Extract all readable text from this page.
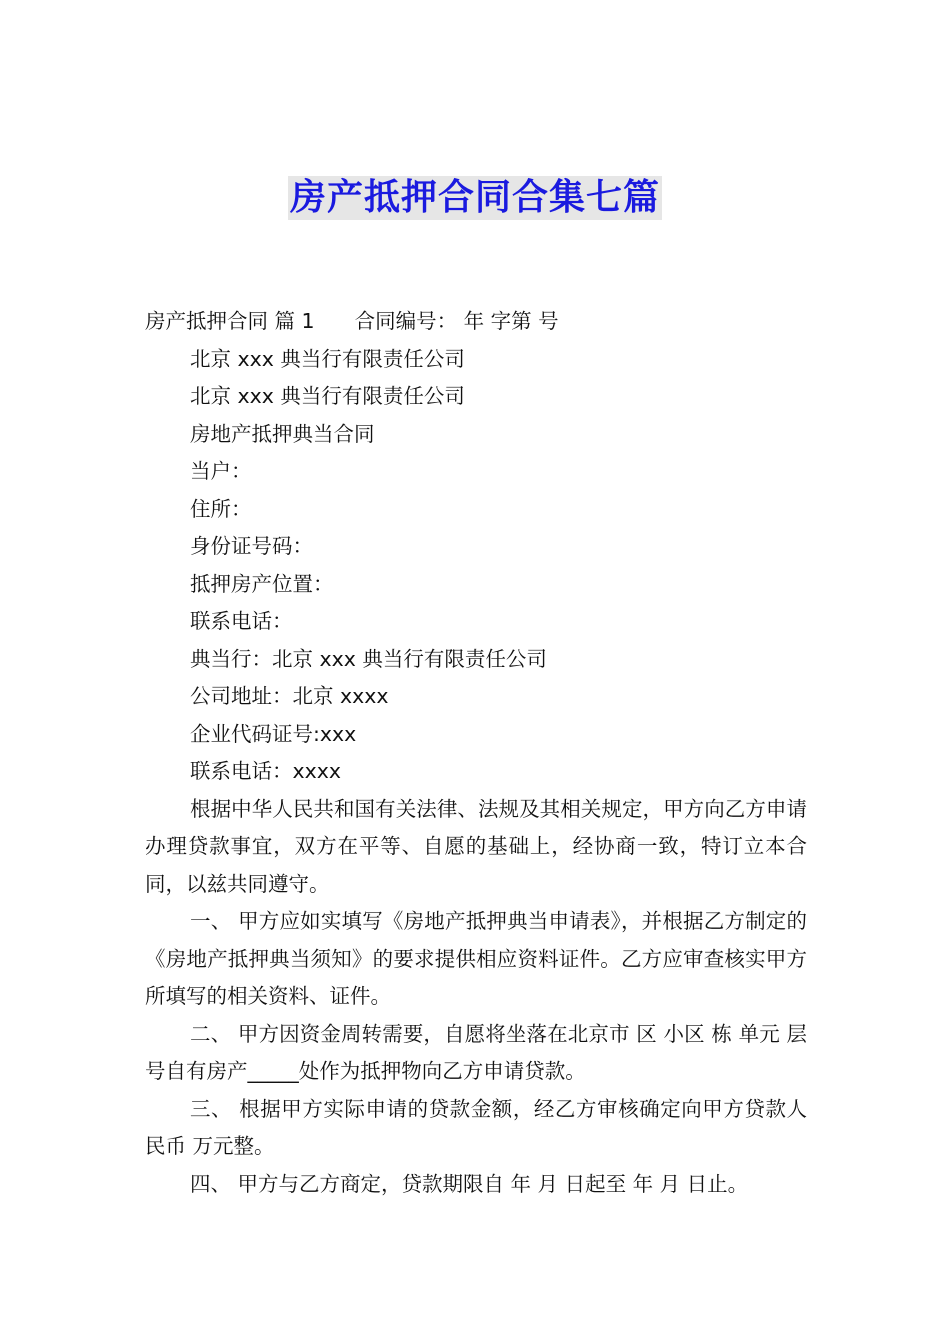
房产抵押合同合集七篇

房产抵押合同 篇 1 合同编号： 年 字第 号

北京 xxx 典当行有限责任公司

北京 xxx 典当行有限责任公司

房地产抵押典当合同

当户：

住所：

身份证号码：

抵押房产位置：

联系电话：

典当行：北京 xxx 典当行有限责任公司

公司地址：北京 xxxx

企业代码证号:xxx

联系电话：xxxx

根据中华人民共和国有关法律、法规及其相关规定，甲方向乙方申请办理贷款事宜，双方在平等、自愿的基础上，经协商一致，特订立本合同，以兹共同遵守。

一、 甲方应如实填写《房地产抵押典当申请表》，并根据乙方制定的《房地产抵押典当须知》的要求提供相应资料证件。乙方应审查核实甲方所填写的相关资料、证件。

二、 甲方因资金周转需要，自愿将坐落在北京市 区 小区 栋 单元 层 号自有房产_____处作为抵押物向乙方申请贷款。

三、 根据甲方实际申请的贷款金额，经乙方审核确定向甲方贷款人民币 万元整。

四、 甲方与乙方商定，贷款期限自 年 月 日起至 年 月 日止。
